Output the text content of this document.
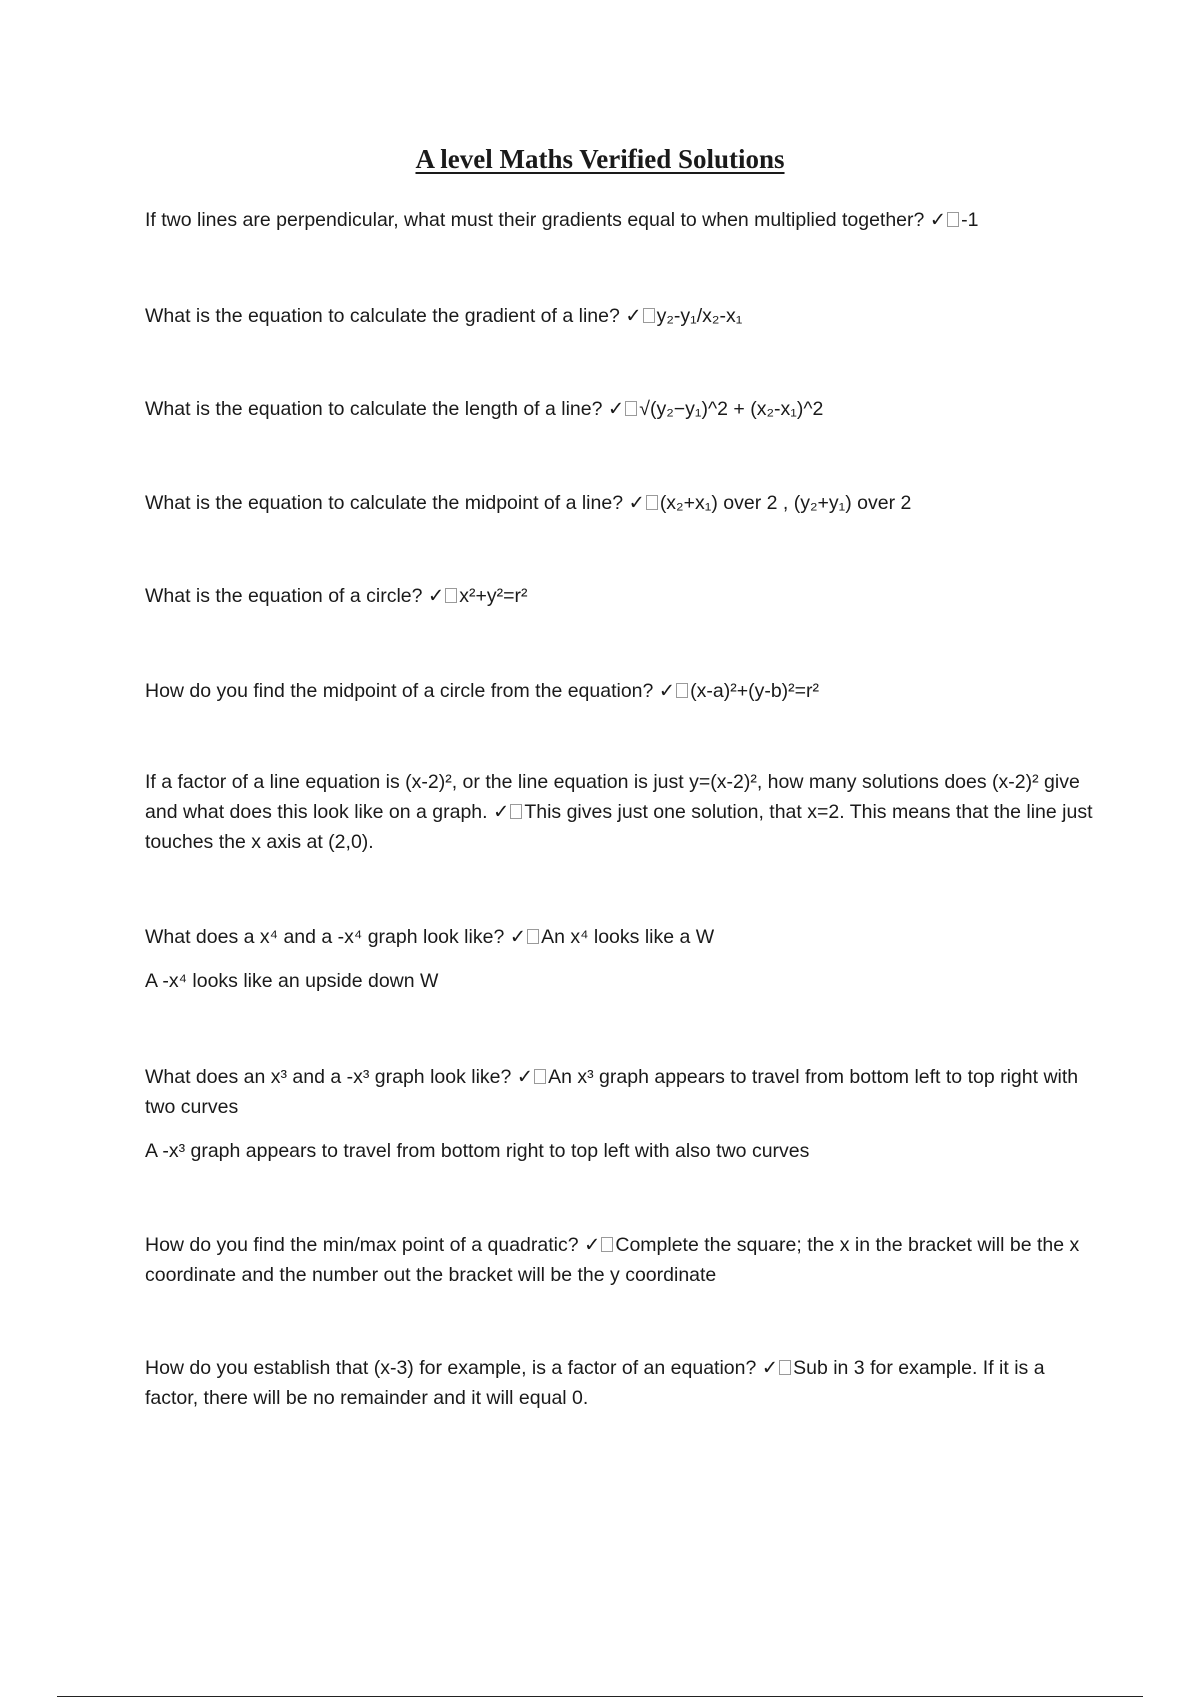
A level Maths Verified Solutions

If two lines are perpendicular, what must their gradients equal to when multiplied together? ✓ -1

What is the equation to calculate the gradient of a line? ✓ y₂-y₁/x₂-x₁

What is the equation to calculate the length of a line? ✓ √(y₂−y₁)^2 + (x₂-x₁)^2

What is the equation to calculate the midpoint of a line? ✓ (x₂+x₁) over 2 , (y₂+y₁) over 2

What is the equation of a circle? ✓ x²+y²=r²

How do you find the midpoint of a circle from the equation? ✓ (x-a)²+(y-b)²=r²

If a factor of a line equation is (x-2)², or the line equation is just y=(x-2)², how many solutions does (x-2)² give and what does this look like on a graph. ✓ This gives just one solution, that x=2. This means that the line just touches the x axis at (2,0).

What does a x⁴ and a -x⁴ graph look like? ✓ An x⁴ looks like a W

A -x⁴ looks like an upside down W

What does an x³ and a -x³ graph look like? ✓ An x³ graph appears to travel from bottom left to top right with two curves

A -x³ graph appears to travel from bottom right to top left with also two curves

How do you find the min/max point of a quadratic? ✓ Complete the square; the x in the bracket will be the x coordinate and the number out the bracket will be the y coordinate

How do you establish that (x-3) for example, is a factor of an equation? ✓ Sub in 3 for example. If it is a factor, there will be no remainder and it will equal 0.
